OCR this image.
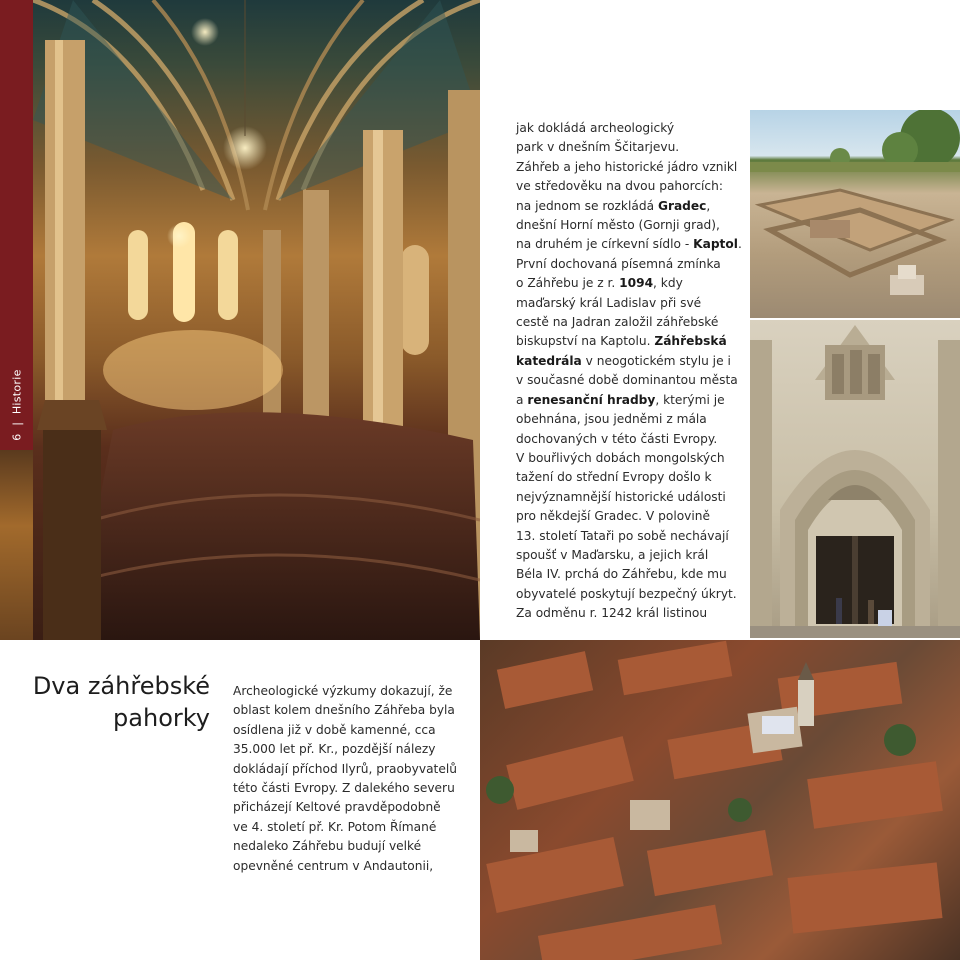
6  |  Historie
jak dokládá archeologický
park v dnešním Ščitarjevu.
Záhřeb a jeho historické jádro vznikl
ve středověku na dvou pahorcích:
na jednom se rozkládá Gradec,
dnešní Horní město (Gornji grad),
na druhém je církevní sídlo - Kaptol.
První dochovaná písemná zmínka
o Záhřebu je z r. 1094, kdy
maďarský král Ladislav při své
cestě na Jadran založil záhřebské
biskupství na Kaptolu. Záhřebská
katedrála v neogotickém stylu je i
v současné době dominantou města
a renesanční hradby, kterými je
obehnána, jsou jedněmi z mála
dochovaných v této části Evropy.
V bouřlivých dobách mongolských
tažení do střední Evropy došlo k
nejvýznamnější historické události
pro někdejší Gradec. V polovině
13. století Tataři po sobě nechávají
spoušť v Maďarsku, a jejich král
Béla IV. prchá do Záhřebu, kde mu
obyvatelé poskytují bezpečný úkryt.
Za odměnu r. 1242 král listinou
Dva záhřebské
pahorky
Archeologické výzkumy dokazují, že
oblast kolem dnešního Záhřeba byla
osídlena již v době kamenné, cca
35.000 let př. Kr., pozdější nálezy
dokládají příchod Ilyrů, praobyvatelů
této části Evropy. Z dalekého severu
přicházejí Keltové pravděpodobně
ve 4. století př. Kr. Potom Římané
nedaleko Záhřebu budují velké
opevněné centrum v Andautonii,
